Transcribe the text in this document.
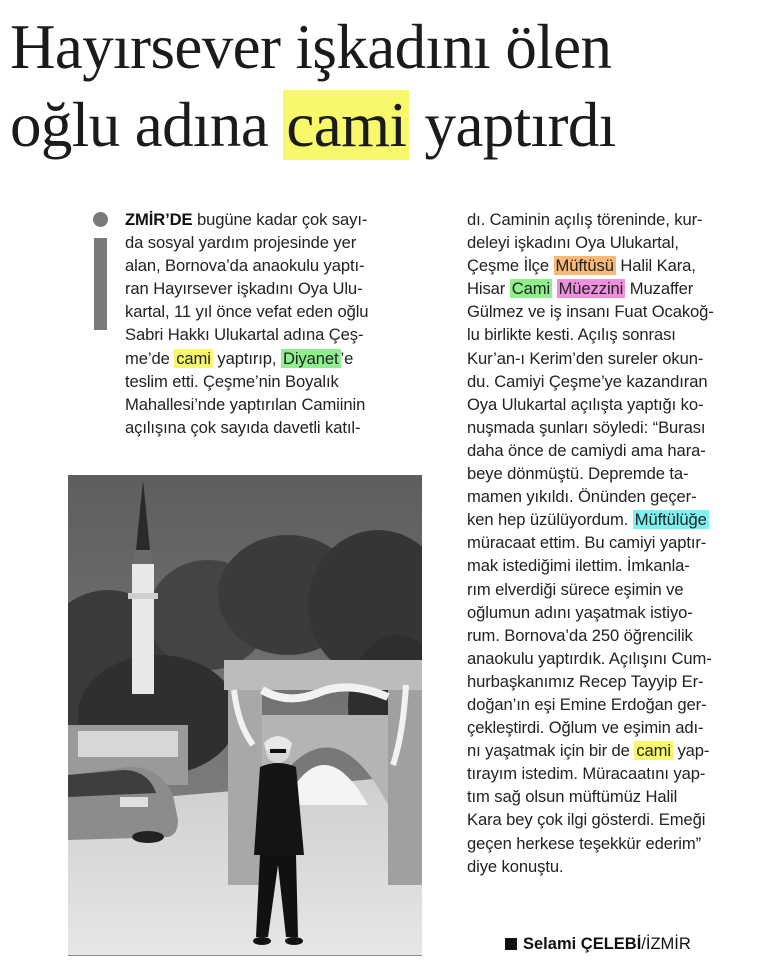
Hayırsever işkadını ölen
oğlu adına cami yaptırdı
ZMİR’DE bugüne kadar çok sayı-
da sosyal yardım projesinde yer
alan, Bornova’da anaokulu yaptı-
ran Hayırsever işkadını Oya Ulu-
kartal, 11 yıl önce vefat eden oğlu
Sabri Hakkı Ulukartal adına Çeş-
me’de cami yaptırıp, Diyanet ’e
teslim etti. Çeşme’nin Boyalık
Mahallesi’nde yaptırılan Camiinin
açılışına çok sayıda davetli katıl-
dı. Caminin açılış töreninde, kur-
deleyi işkadını Oya Ulukartal,
Çeşme İlçe Müftüsü Halil Kara,
Hisar Cami Müezzini Muzaffer
Gülmez ve iş insanı Fuat Ocakoğ-
lu birlikte kesti. Açılış sonrası
Kur’an-ı Kerim’den sureler okun-
du. Camiyi Çeşme’ye kazandıran
Oya Ulukartal açılışta yaptığı ko-
nuşmada şunları söyledi: “Burası
daha önce de camiydi ama hara-
beye dönmüştü. Depremde ta-
mamen yıkıldı. Önünden geçer-
ken hep üzülüyordum. Müftülüğe
müracaat ettim. Bu camiyi yaptır-
mak istediğimi ilettim. İmkanla-
rım elverdiği sürece eşimin ve
oğlumun adını yaşatmak istiyo-
rum. Bornova’da 250 öğrencilik
anaokulu yaptırdık. Açılışını Cum-
hurbaşkanımız Recep Tayyip Er-
doğan’ın eşi Emine Erdoğan ger-
çekleştirdi. Oğlum ve eşimin adı-
nı yaşatmak için bir de cami yap-
tırayım istedim. Müracaatını yap-
tım sağ olsun müftümüz Halil
Kara bey çok ilgi gösterdi. Emeği
geçen herkese teşekkür ederim”
diye konuştu.
Selami ÇELEBİ/İZMİR
